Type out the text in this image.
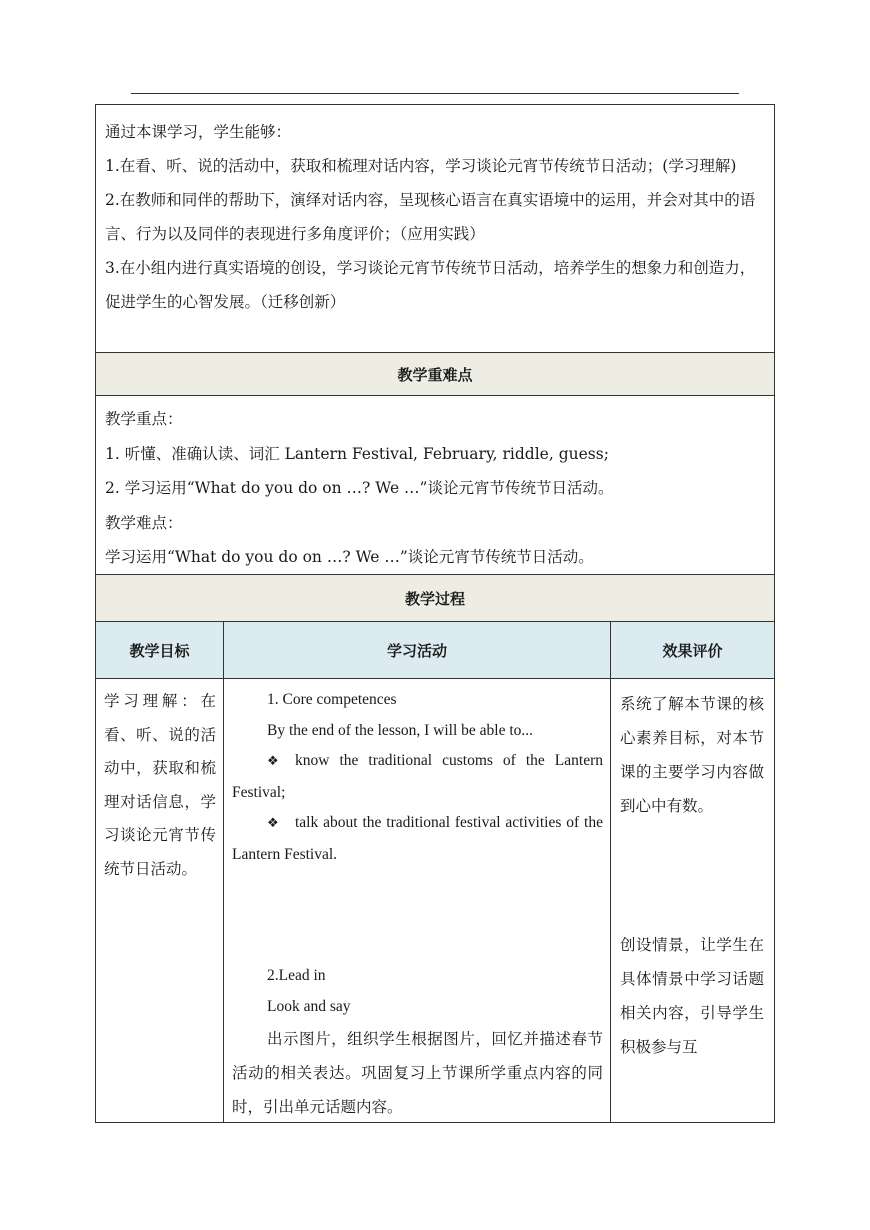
通过本课学习，学生能够：

1.在看、听、说的活动中，获取和梳理对话内容，学习谈论元宵节传统节日活动；(学习理解)

2.在教师和同伴的帮助下，演绎对话内容，呈现核心语言在真实语境中的运用，并会对其中的语言、行为以及同伴的表现进行多角度评价；（应用实践）

3.在小组内进行真实语境的创设，学习谈论元宵节传统节日活动，培养学生的想象力和创造力，促进学生的心智发展。（迁移创新）

教学重难点

教学重点：

1. 听懂、准确认读、词汇 Lantern Festival, February, riddle, guess;

2. 学习运用“What do you do on …? We …”谈论元宵节传统节日活动。

教学难点：

学习运用“What do you do on …? We …”谈论元宵节传统节日活动。

教学过程
教学目标	学习活动	效果评价

学习理解：在看、听、说的活动中，获取和梳理对话信息，学习谈论元宵节传统节日活动。

1. Core competences

By the end of the lesson, I will be able to...

❖ know the traditional customs of the Lantern Festival;

❖ talk about the traditional festival activities of the Lantern Festival.

2.Lead in

Look and say

出示图片，组织学生根据图片，回忆并描述春节活动的相关表达。巩固复习上节课所学重点内容的同时，引出单元话题内容。

系统了解本节课的核心素养目标，对本节课的主要学习内容做到心中有数。

创设情景，让学生在具体情景中学习话题相关内容，引导学生积极参与互
